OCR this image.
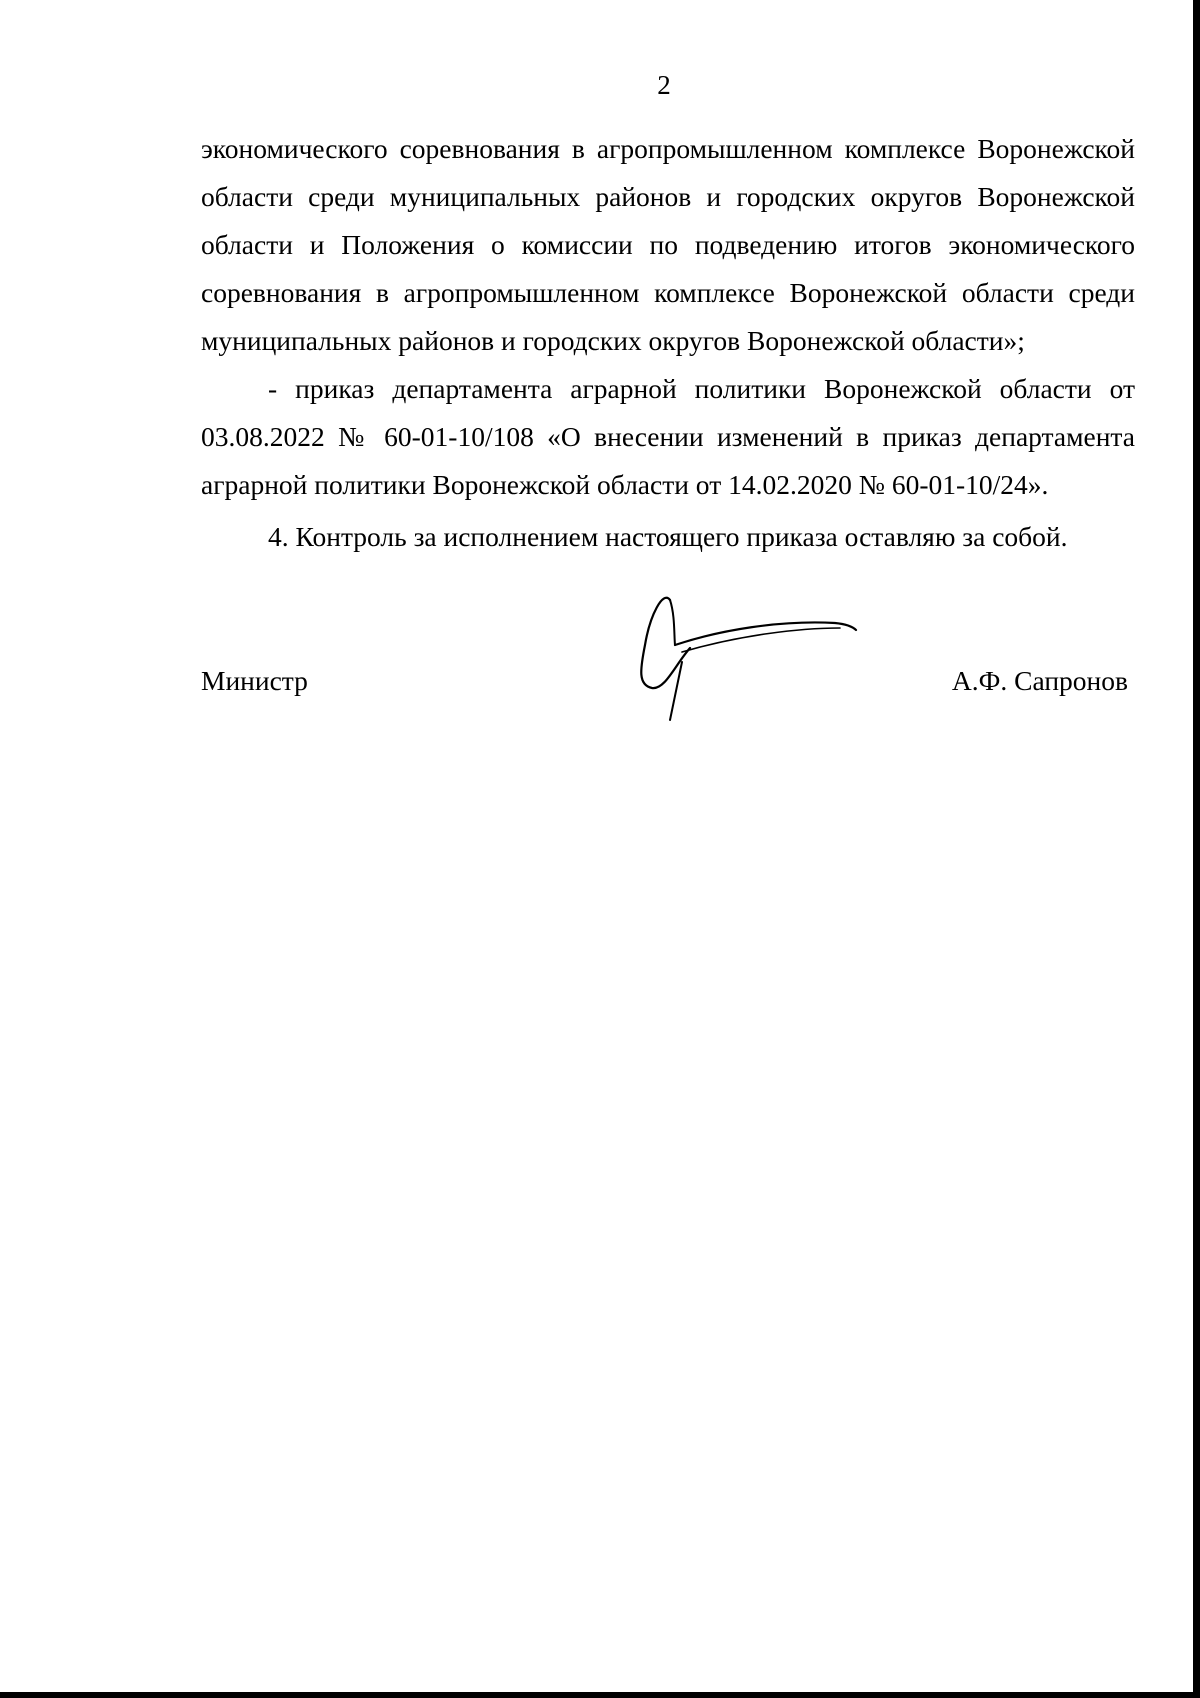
2

экономического соревнования в агропромышленном комплексе Воронежской области среди муниципальных районов и городских округов Воронежской области и Положения о комиссии по подведению итогов экономического соревнования в агропромышленном комплексе Воронежской области среди муниципальных районов и городских округов Воронежской области»;

- приказ департамента аграрной политики Воронежской области от 03.08.2022 № 60-01-10/108 «О внесении изменений в приказ департамента аграрной политики Воронежской области от 14.02.2020 № 60-01-10/24».

4. Контроль за исполнением настоящего приказа оставляю за собой.

Министр	А.Ф. Сапронов
